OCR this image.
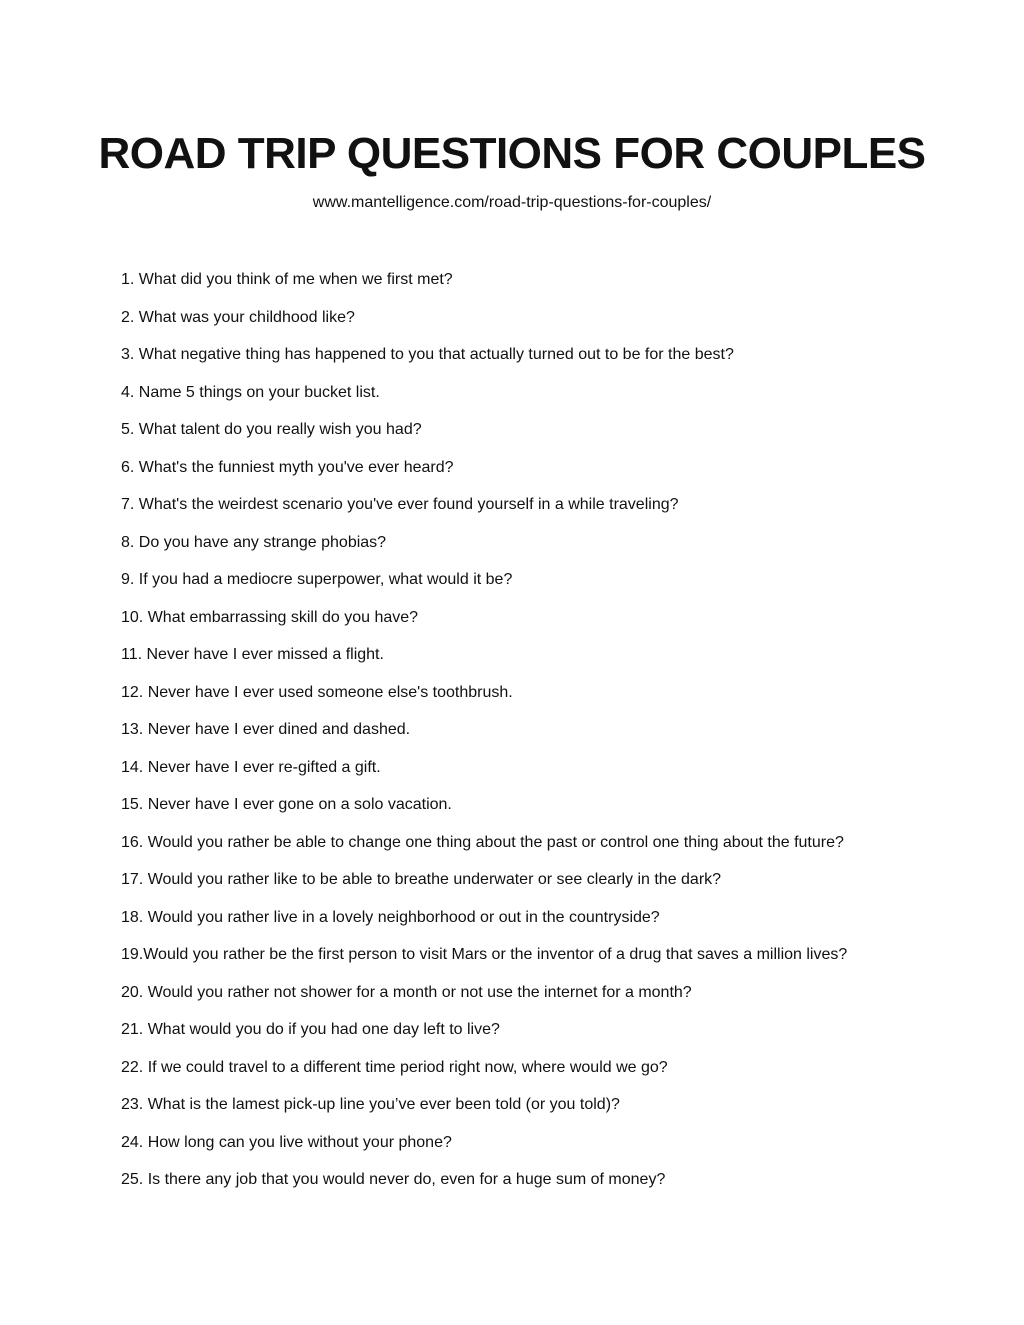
ROAD TRIP QUESTIONS FOR COUPLES
www.mantelligence.com/road-trip-questions-for-couples/
1. What did you think of me when we first met?
2. What was your childhood like?
3. What negative thing has happened to you that actually turned out to be for the best?
4. Name 5 things on your bucket list.
5. What talent do you really wish you had?
6. What's the funniest myth you've ever heard?
7. What's the weirdest scenario you've ever found yourself in a while traveling?
8. Do you have any strange phobias?
9. If you had a mediocre superpower, what would it be?
10. What embarrassing skill do you have?
11. Never have I ever missed a flight.
12. Never have I ever used someone else's toothbrush.
13. Never have I ever dined and dashed.
14. Never have I ever re-gifted a gift.
15. Never have I ever gone on a solo vacation.
16. Would you rather be able to change one thing about the past or control one thing about the future?
17. Would you rather like to be able to breathe underwater or see clearly in the dark?
18. Would you rather live in a lovely neighborhood or out in the countryside?
19.Would you rather be the first person to visit Mars or the inventor of a drug that saves a million lives?
20. Would you rather not shower for a month or not use the internet for a month?
21. What would you do if you had one day left to live?
22. If we could travel to a different time period right now, where would we go?
23. What is the lamest pick-up line you’ve ever been told (or you told)?
24. How long can you live without your phone?
25. Is there any job that you would never do, even for a huge sum of money?
